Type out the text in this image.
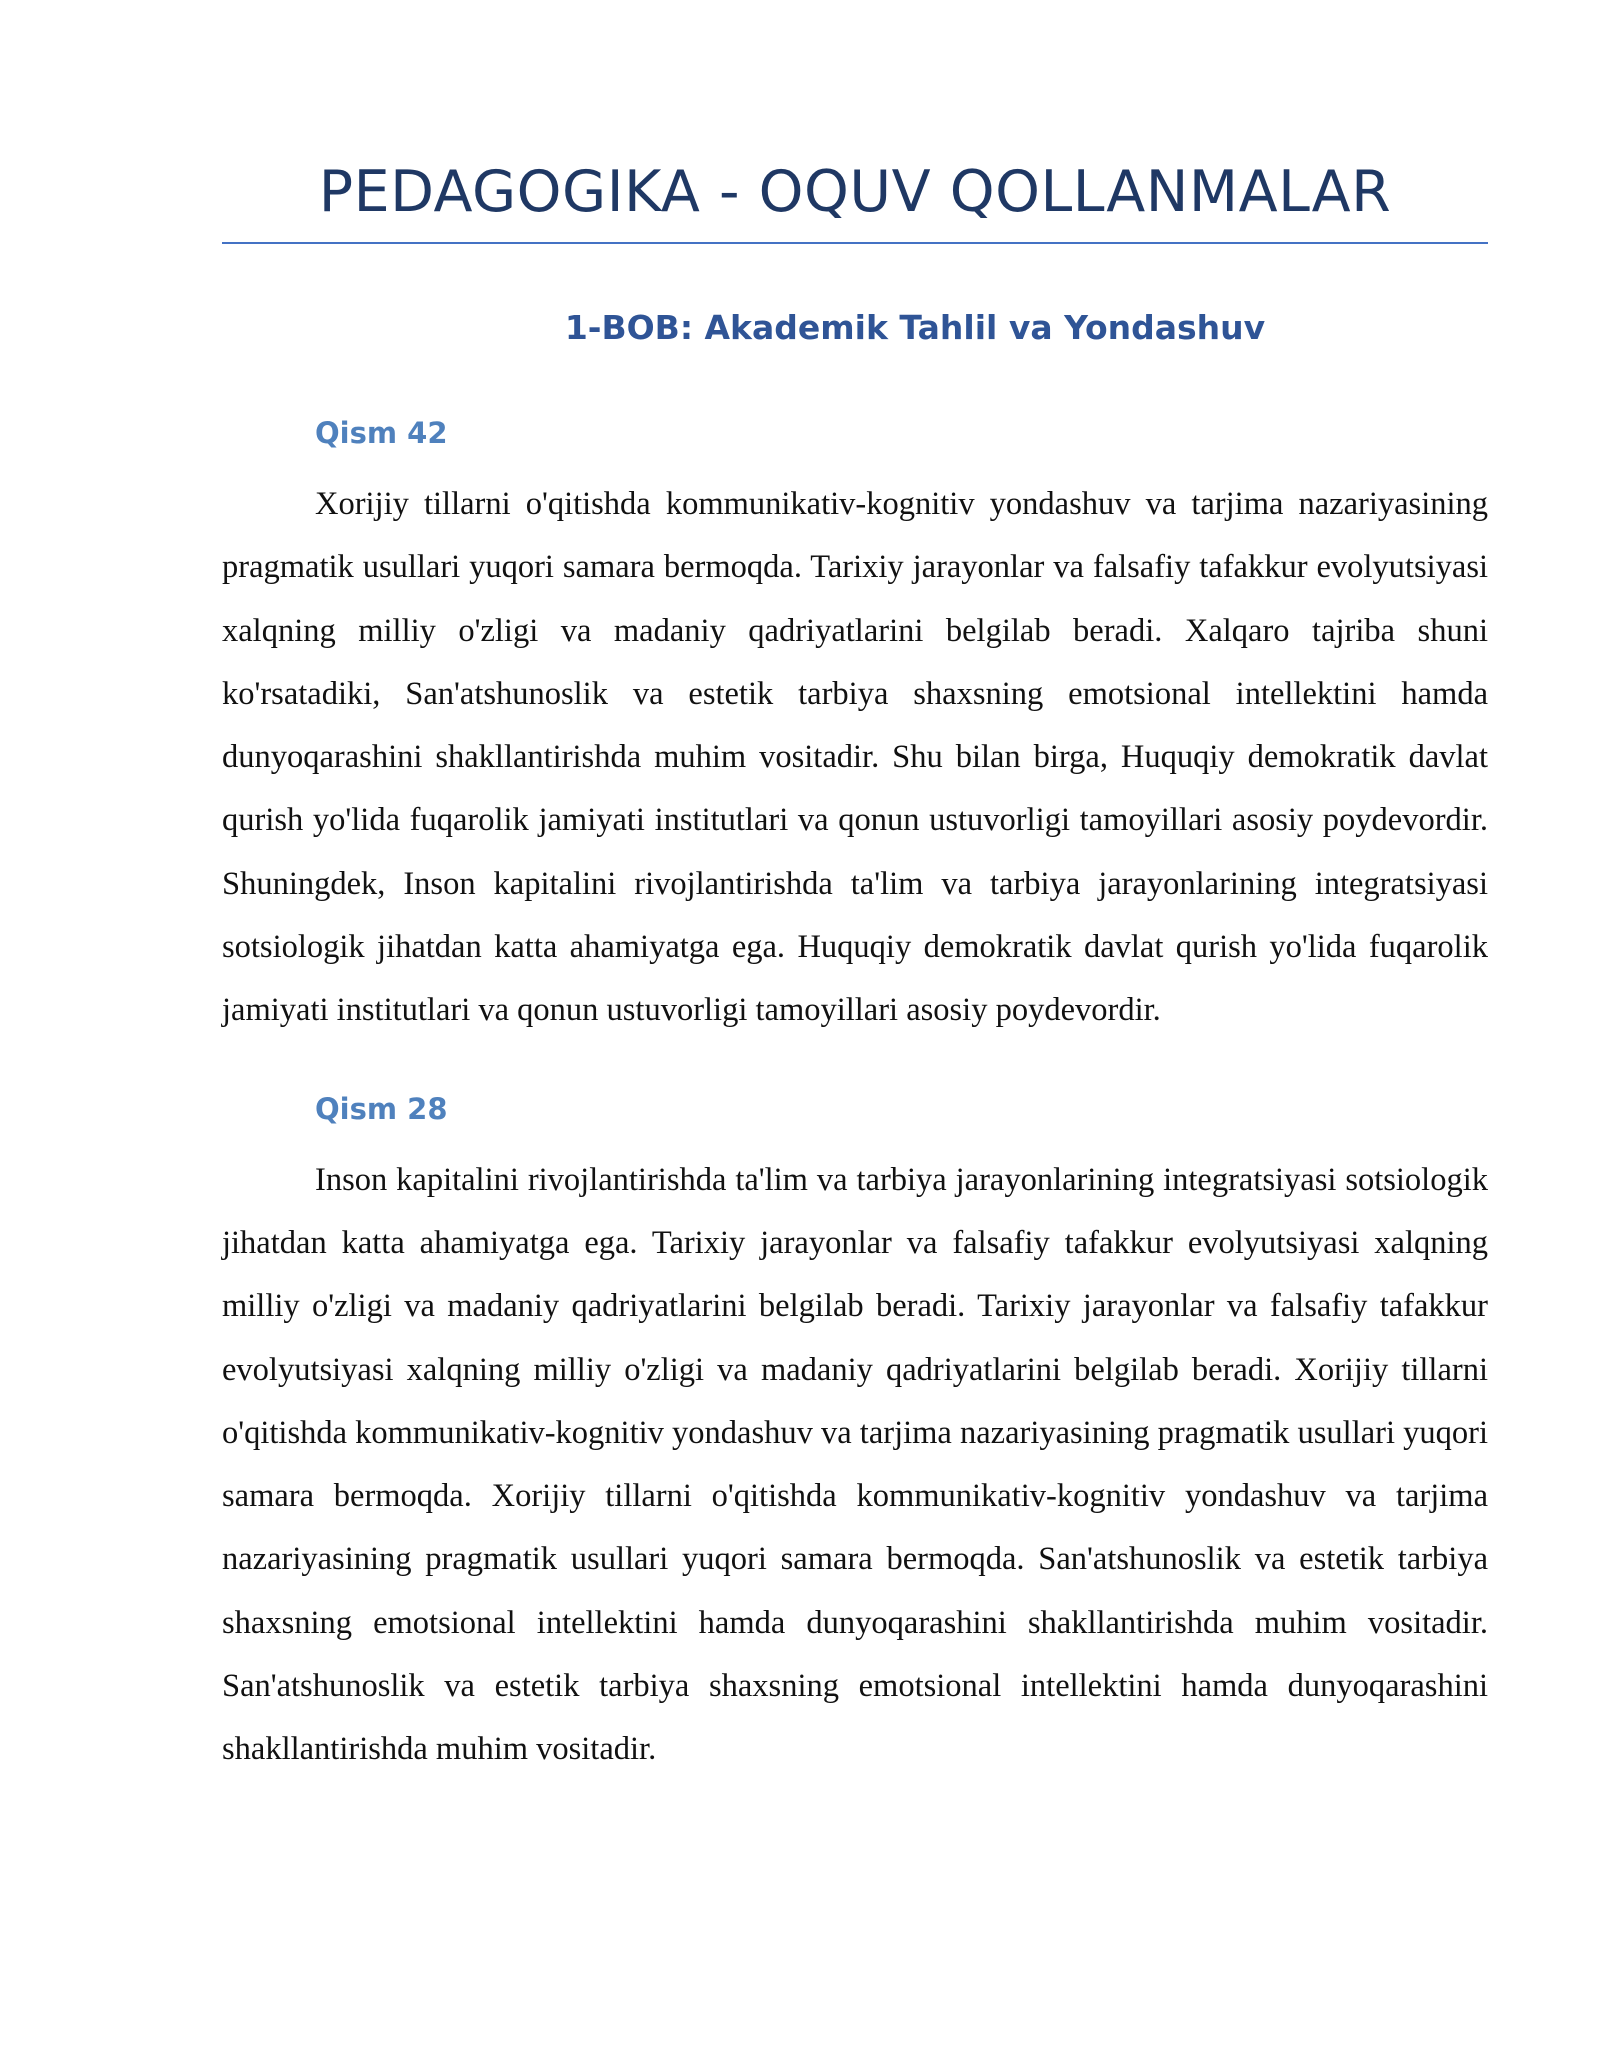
PEDAGOGIKA - OQUV QOLLANMALAR
1-BOB: Akademik Tahlil va Yondashuv
Qism 42

Xorijiy tillarni o'qitishda kommunikativ-kognitiv yondashuv va tarjima nazariyasining pragmatik usullari yuqori samara bermoqda. Tarixiy jarayonlar va falsafiy tafakkur evolyutsiyasi xalqning milliy o'zligi va madaniy qadriyatlarini belgilab beradi. Xalqaro tajriba shuni ko'rsatadiki, San'atshunoslik va estetik tarbiya shaxsning emotsional intellektini hamda dunyoqarashini shakllantirishda muhim vositadir. Shu bilan birga, Huquqiy demokratik davlat qurish yo'lida fuqarolik jamiyati institutlari va qonun ustuvorligi tamoyillari asosiy poydevordir. Shuningdek, Inson kapitalini rivojlantirishda ta'lim va tarbiya jarayonlarining integratsiyasi sotsiologik jihatdan katta ahamiyatga ega. Huquqiy demokratik davlat qurish yo'lida fuqarolik jamiyati institutlari va qonun ustuvorligi tamoyillari asosiy poydevordir.

Qism 28

Inson kapitalini rivojlantirishda ta'lim va tarbiya jarayonlarining integratsiyasi sotsiologik jihatdan katta ahamiyatga ega. Tarixiy jarayonlar va falsafiy tafakkur evolyutsiyasi xalqning milliy o'zligi va madaniy qadriyatlarini belgilab beradi. Tarixiy jarayonlar va falsafiy tafakkur evolyutsiyasi xalqning milliy o'zligi va madaniy qadriyatlarini belgilab beradi. Xorijiy tillarni o'qitishda kommunikativ-kognitiv yondashuv va tarjima nazariyasining pragmatik usullari yuqori samara bermoqda. Xorijiy tillarni o'qitishda kommunikativ-kognitiv yondashuv va tarjima nazariyasining pragmatik usullari yuqori samara bermoqda. San'atshunoslik va estetik tarbiya shaxsning emotsional intellektini hamda dunyoqarashini shakllantirishda muhim vositadir. San'atshunoslik va estetik tarbiya shaxsning emotsional intellektini hamda dunyoqarashini shakllantirishda muhim vositadir.
